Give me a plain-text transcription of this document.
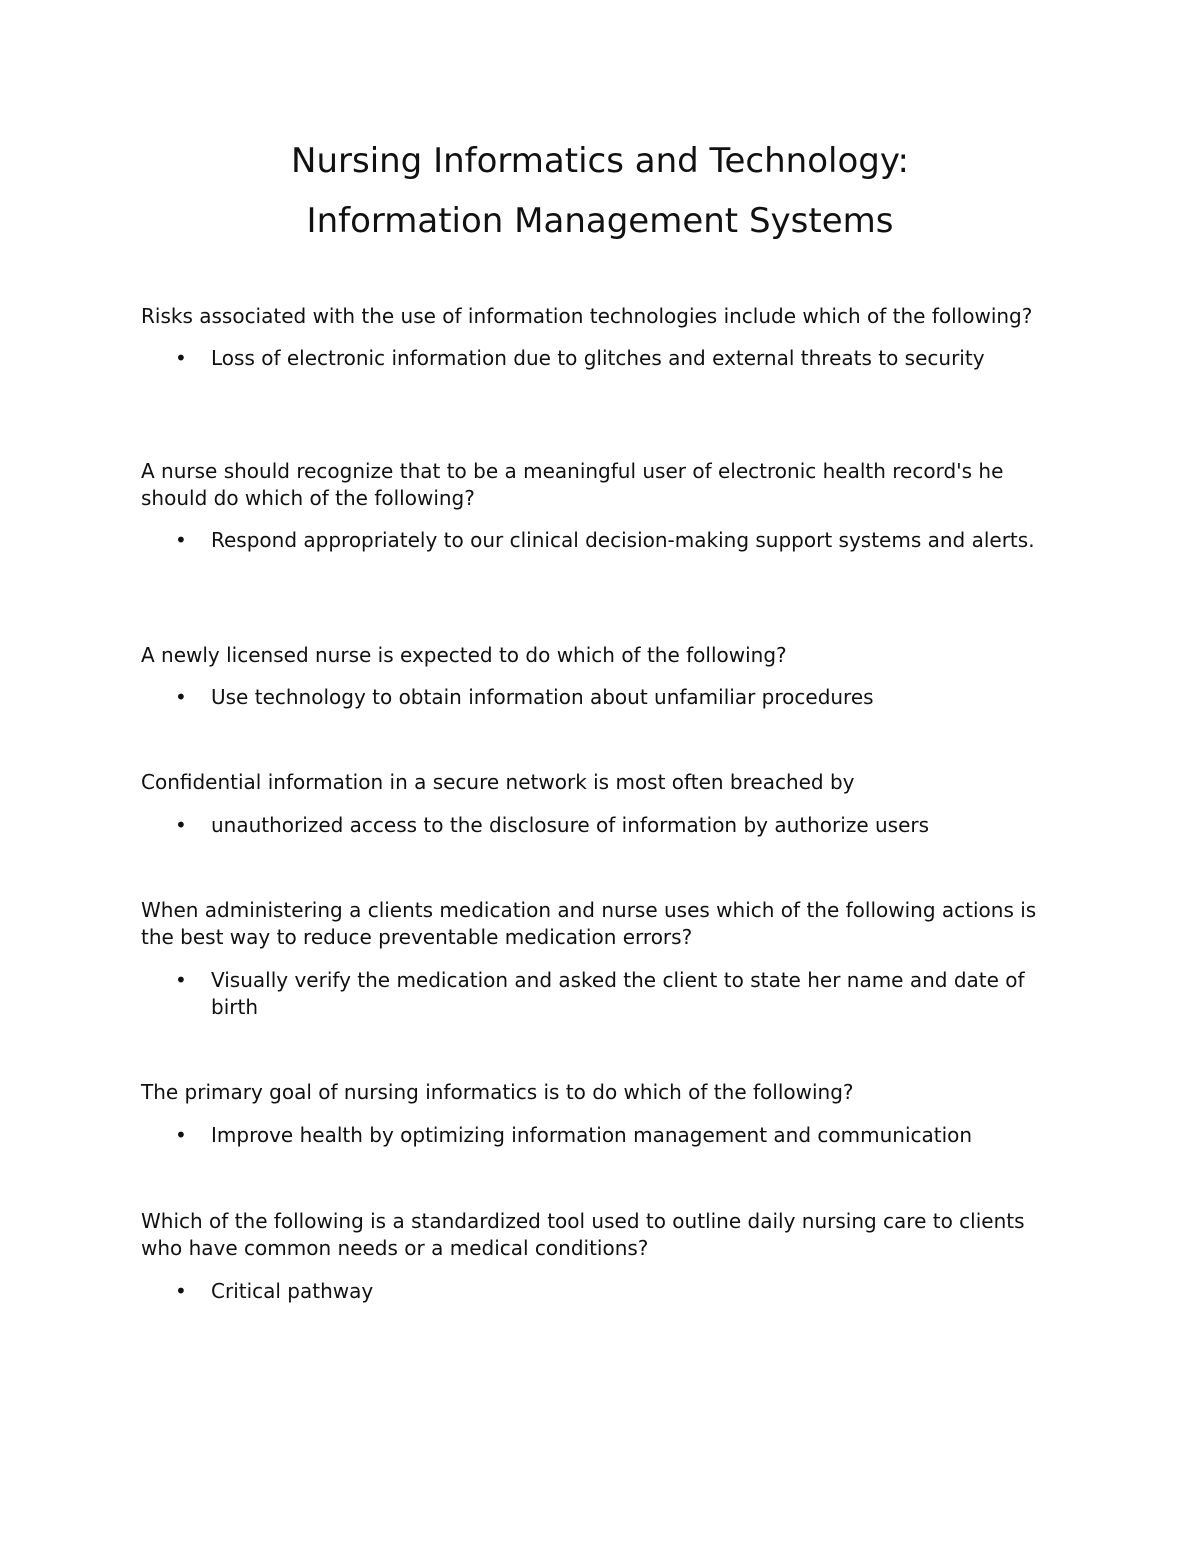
Nursing Informatics and Technology:
Information Management Systems

Risks associated with the use of information technologies include which of the following?

• Loss of electronic information due to glitches and external threats to security

A nurse should recognize that to be a meaningful user of electronic health record's he should do which of the following?

• Respond appropriately to our clinical decision-making support systems and alerts.

A newly licensed nurse is expected to do which of the following?

• Use technology to obtain information about unfamiliar procedures

Confidential information in a secure network is most often breached by

• unauthorized access to the disclosure of information by authorize users

When administering a clients medication and nurse uses which of the following actions is the best way to reduce preventable medication errors?

• Visually verify the medication and asked the client to state her name and date of birth

The primary goal of nursing informatics is to do which of the following?

• Improve health by optimizing information management and communication

Which of the following is a standardized tool used to outline daily nursing care to clients who have common needs or a medical conditions?

• Critical pathway
